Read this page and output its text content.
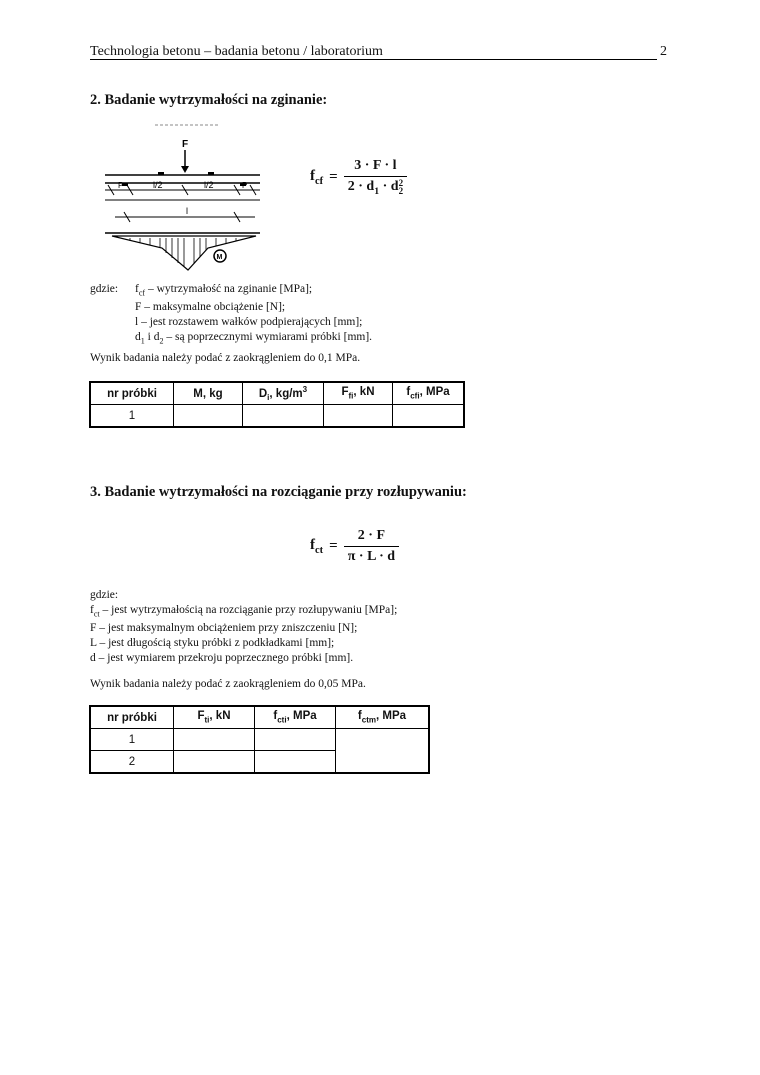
Technologia betonu – badania betonu / laboratorium	2
2. Badanie wytrzymałości na zginanie:
F
P	l/2	l/2	P
l
M
$f_{cf} = 3 \cdot F \cdot l$
$2 \cdot d_1 \cdot d$ 2
2
gdzie: $f_{cf}$ – wytrzymałość na zginanie [MPa];
F – maksymalne obciążenie [N];
l – jest rozstawem wałków podpierających [mm];
$d_1$ i $d_2$ – są poprzecznymi wymiarami próbki [mm].
Wynik badania należy podać z zaokrągleniem do 0,1 MPa.
nr próbki	M, kg	$D_i$, $kg/m^3$	$F_{fi}$, kN	$f_{cfi}$, MPa
1				
3. Badanie wytrzymałości na rozciąganie przy rozłupywaniu:
$f_{ct} = \frac{2 \cdot F}{\pi \cdot L \cdot d}$
gdzie:
$f_{ct}$ – jest wytrzymałością na rozciąganie przy rozłupywaniu [MPa];
F – jest maksymalnym obciążeniem przy zniszczeniu [N];
L – jest długością styku próbki z podkładkami [mm];
d – jest wymiarem przekroju poprzecznego próbki [mm].
Wynik badania należy podać z zaokrągleniem do 0,05 MPa.
nr próbki	$F_{ti}$, kN	$f_{cti}$, MPa	$f_{ctm}$, MPa
1			
2			
